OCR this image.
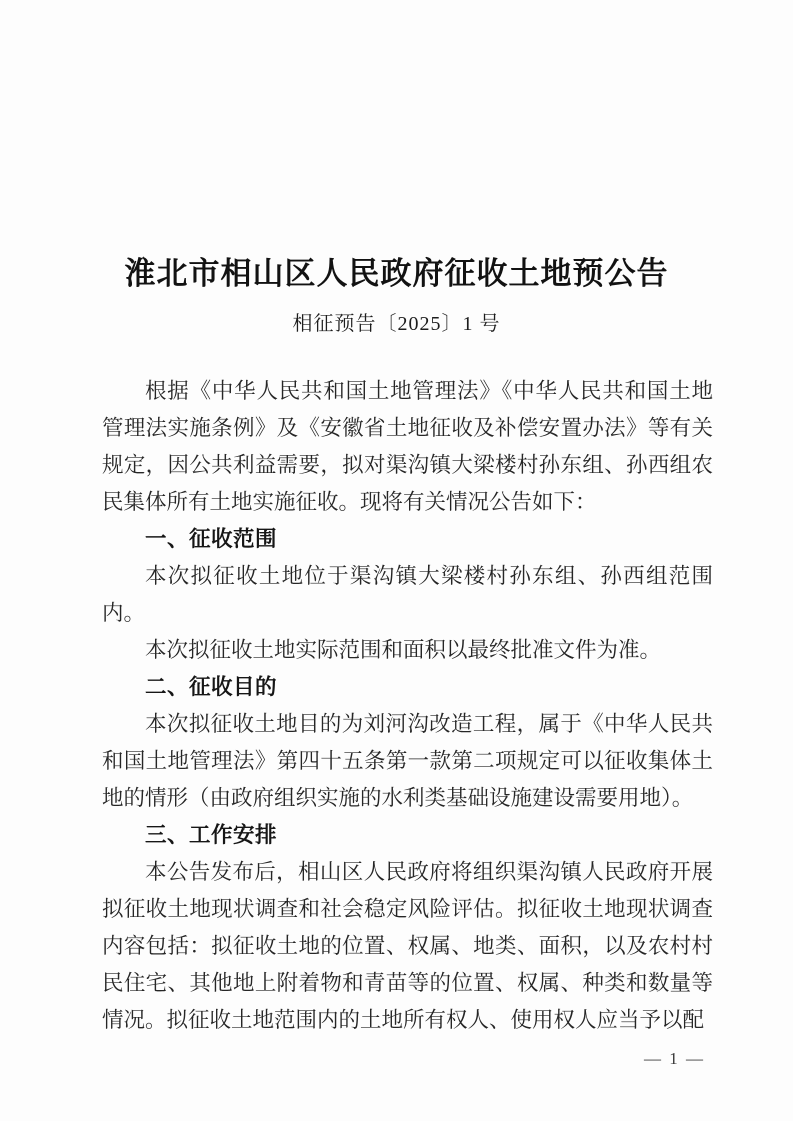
淮北市相山区人民政府征收土地预公告
相征预告〔2025〕1 号

根据《中华人民共和国土地管理法》《中华人民共和国土地管理法实施条例》及《安徽省土地征收及补偿安置办法》等有关规定，因公共利益需要，拟对渠沟镇大梁楼村孙东组、孙西组农民集体所有土地实施征收。现将有关情况公告如下：

一、征收范围

本次拟征收土地位于渠沟镇大梁楼村孙东组、孙西组范围内。

本次拟征收土地实际范围和面积以最终批准文件为准。

二、征收目的

本次拟征收土地目的为刘河沟改造工程，属于《中华人民共和国土地管理法》第四十五条第一款第二项规定可以征收集体土地的情形（由政府组织实施的水利类基础设施建设需要用地）。

三、工作安排

本公告发布后，相山区人民政府将组织渠沟镇人民政府开展拟征收土地现状调查和社会稳定风险评估。拟征收土地现状调查内容包括：拟征收土地的位置、权属、地类、面积，以及农村村民住宅、其他地上附着物和青苗等的位置、权属、种类和数量等情况。拟征收土地范围内的土地所有权人、使用权人应当予以配

— 1 —
